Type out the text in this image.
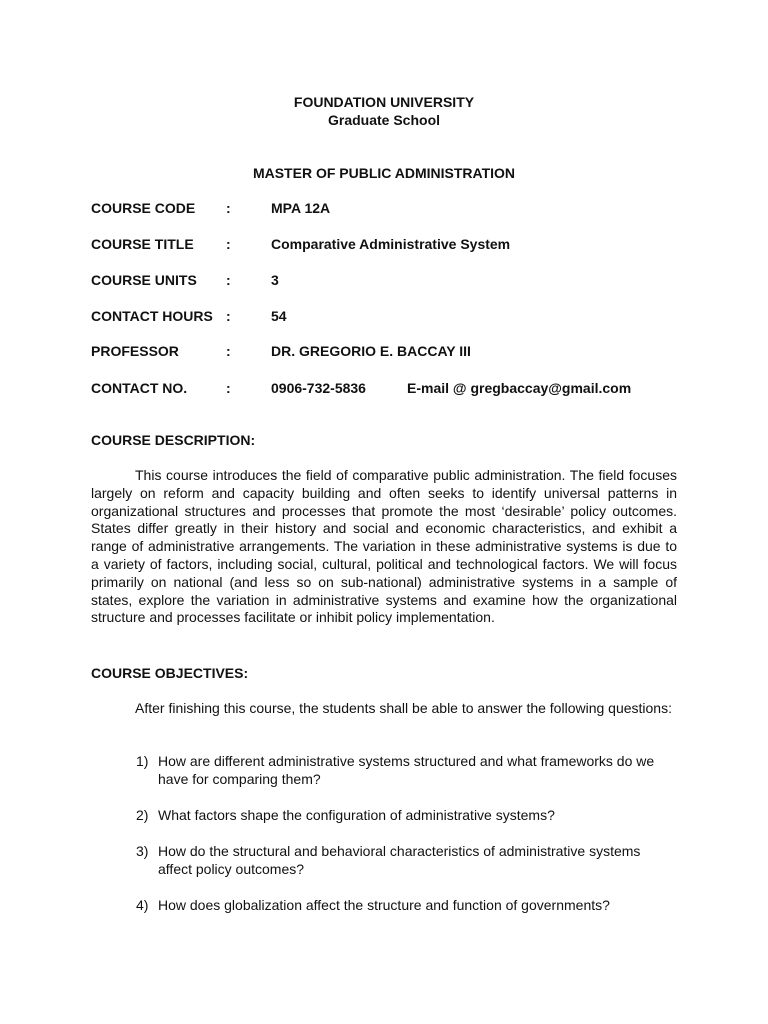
FOUNDATION UNIVERSITY
Graduate School
MASTER OF PUBLIC ADMINISTRATION
COURSE CODE :	MPA 12A
COURSE TITLE :	Comparative Administrative System
COURSE UNITS :	3
CONTACT HOURS :	54
PROFESSOR	:	DR. GREGORIO E. BACCAY III
CONTACT NO.	:	0906-732-5836	E-mail @ gregbaccay@gmail.com
COURSE DESCRIPTION:
This course introduces the field of comparative public administration. The field focuses largely on reform and capacity building and often seeks to identify universal patterns in organizational structures and processes that promote the most ‘desirable’ policy outcomes. States differ greatly in their history and social and economic characteristics, and exhibit a range of administrative arrangements. The variation in these administrative systems is due to a variety of factors, including social, cultural, political and technological factors. We will focus primarily on national (and less so on sub-national) administrative systems in a sample of states, explore the variation in administrative systems and examine how the organizational structure and processes facilitate or inhibit policy implementation.
COURSE OBJECTIVES:
After finishing this course, the students shall be able to answer the following questions:
1) How are different administrative systems structured and what frameworks do we have for comparing them?
2) What factors shape the configuration of administrative systems?
3) How do the structural and behavioral characteristics of administrative systems affect policy outcomes?
4) How does globalization affect the structure and function of governments?
